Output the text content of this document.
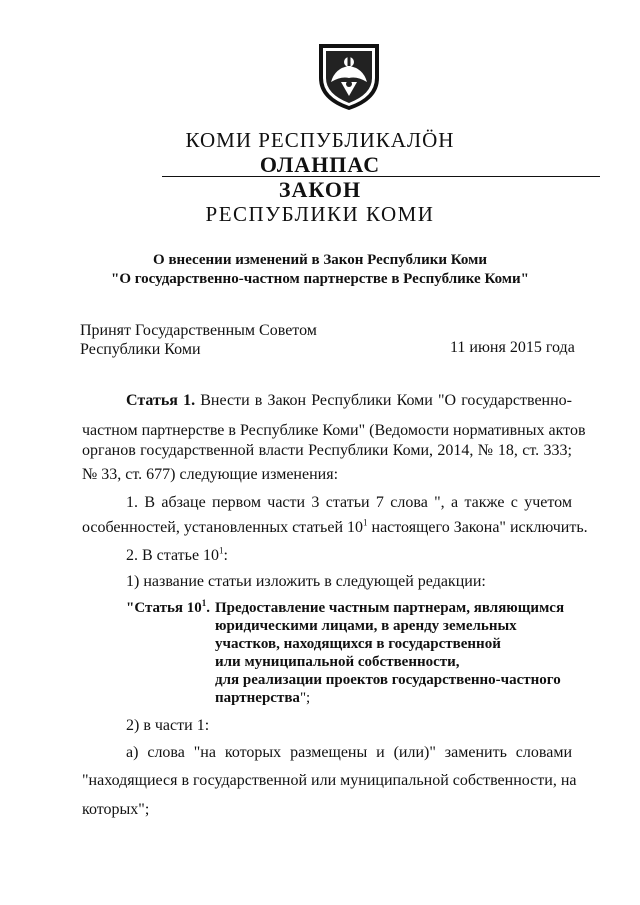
КОМИ РЕСПУБЛИКАЛÖН
ОЛАНПАС
ЗАКОН
РЕСПУБЛИКИ КОМИ
О внесении изменений в Закон Республики Коми
"О государственно-частном партнерстве в Республике Коми"
Принят Государственным Советом
Республики Коми	11 июня 2015 года
Статья 1. Внести в Закон Республики Коми "О государственно-
частном партнерстве в Республике Коми" (Ведомости нормативных актов
органов государственной власти Республики Коми, 2014, № 18, ст. 333;
№ 33, ст. 677) следующие изменения:
1. В абзаце первом части 3 статьи 7 слова ", а также с учетом
особенностей, установленных статьей $10^1$ настоящего Закона" исключить.
2. В статье $10^1$:
1) название статьи изложить в следующей редакции:
"Статья $10^1$. Предоставление частным партнерам, являющимся
юридическими лицами, в аренду земельных
участков, находящихся в государственной
или муниципальной собственности,
для реализации проектов государственно-частного
партнерства";
2) в части 1:
а) слова "на которых размещены и (или)" заменить словами
"находящиеся в государственной или муниципальной собственности, на
которых";
